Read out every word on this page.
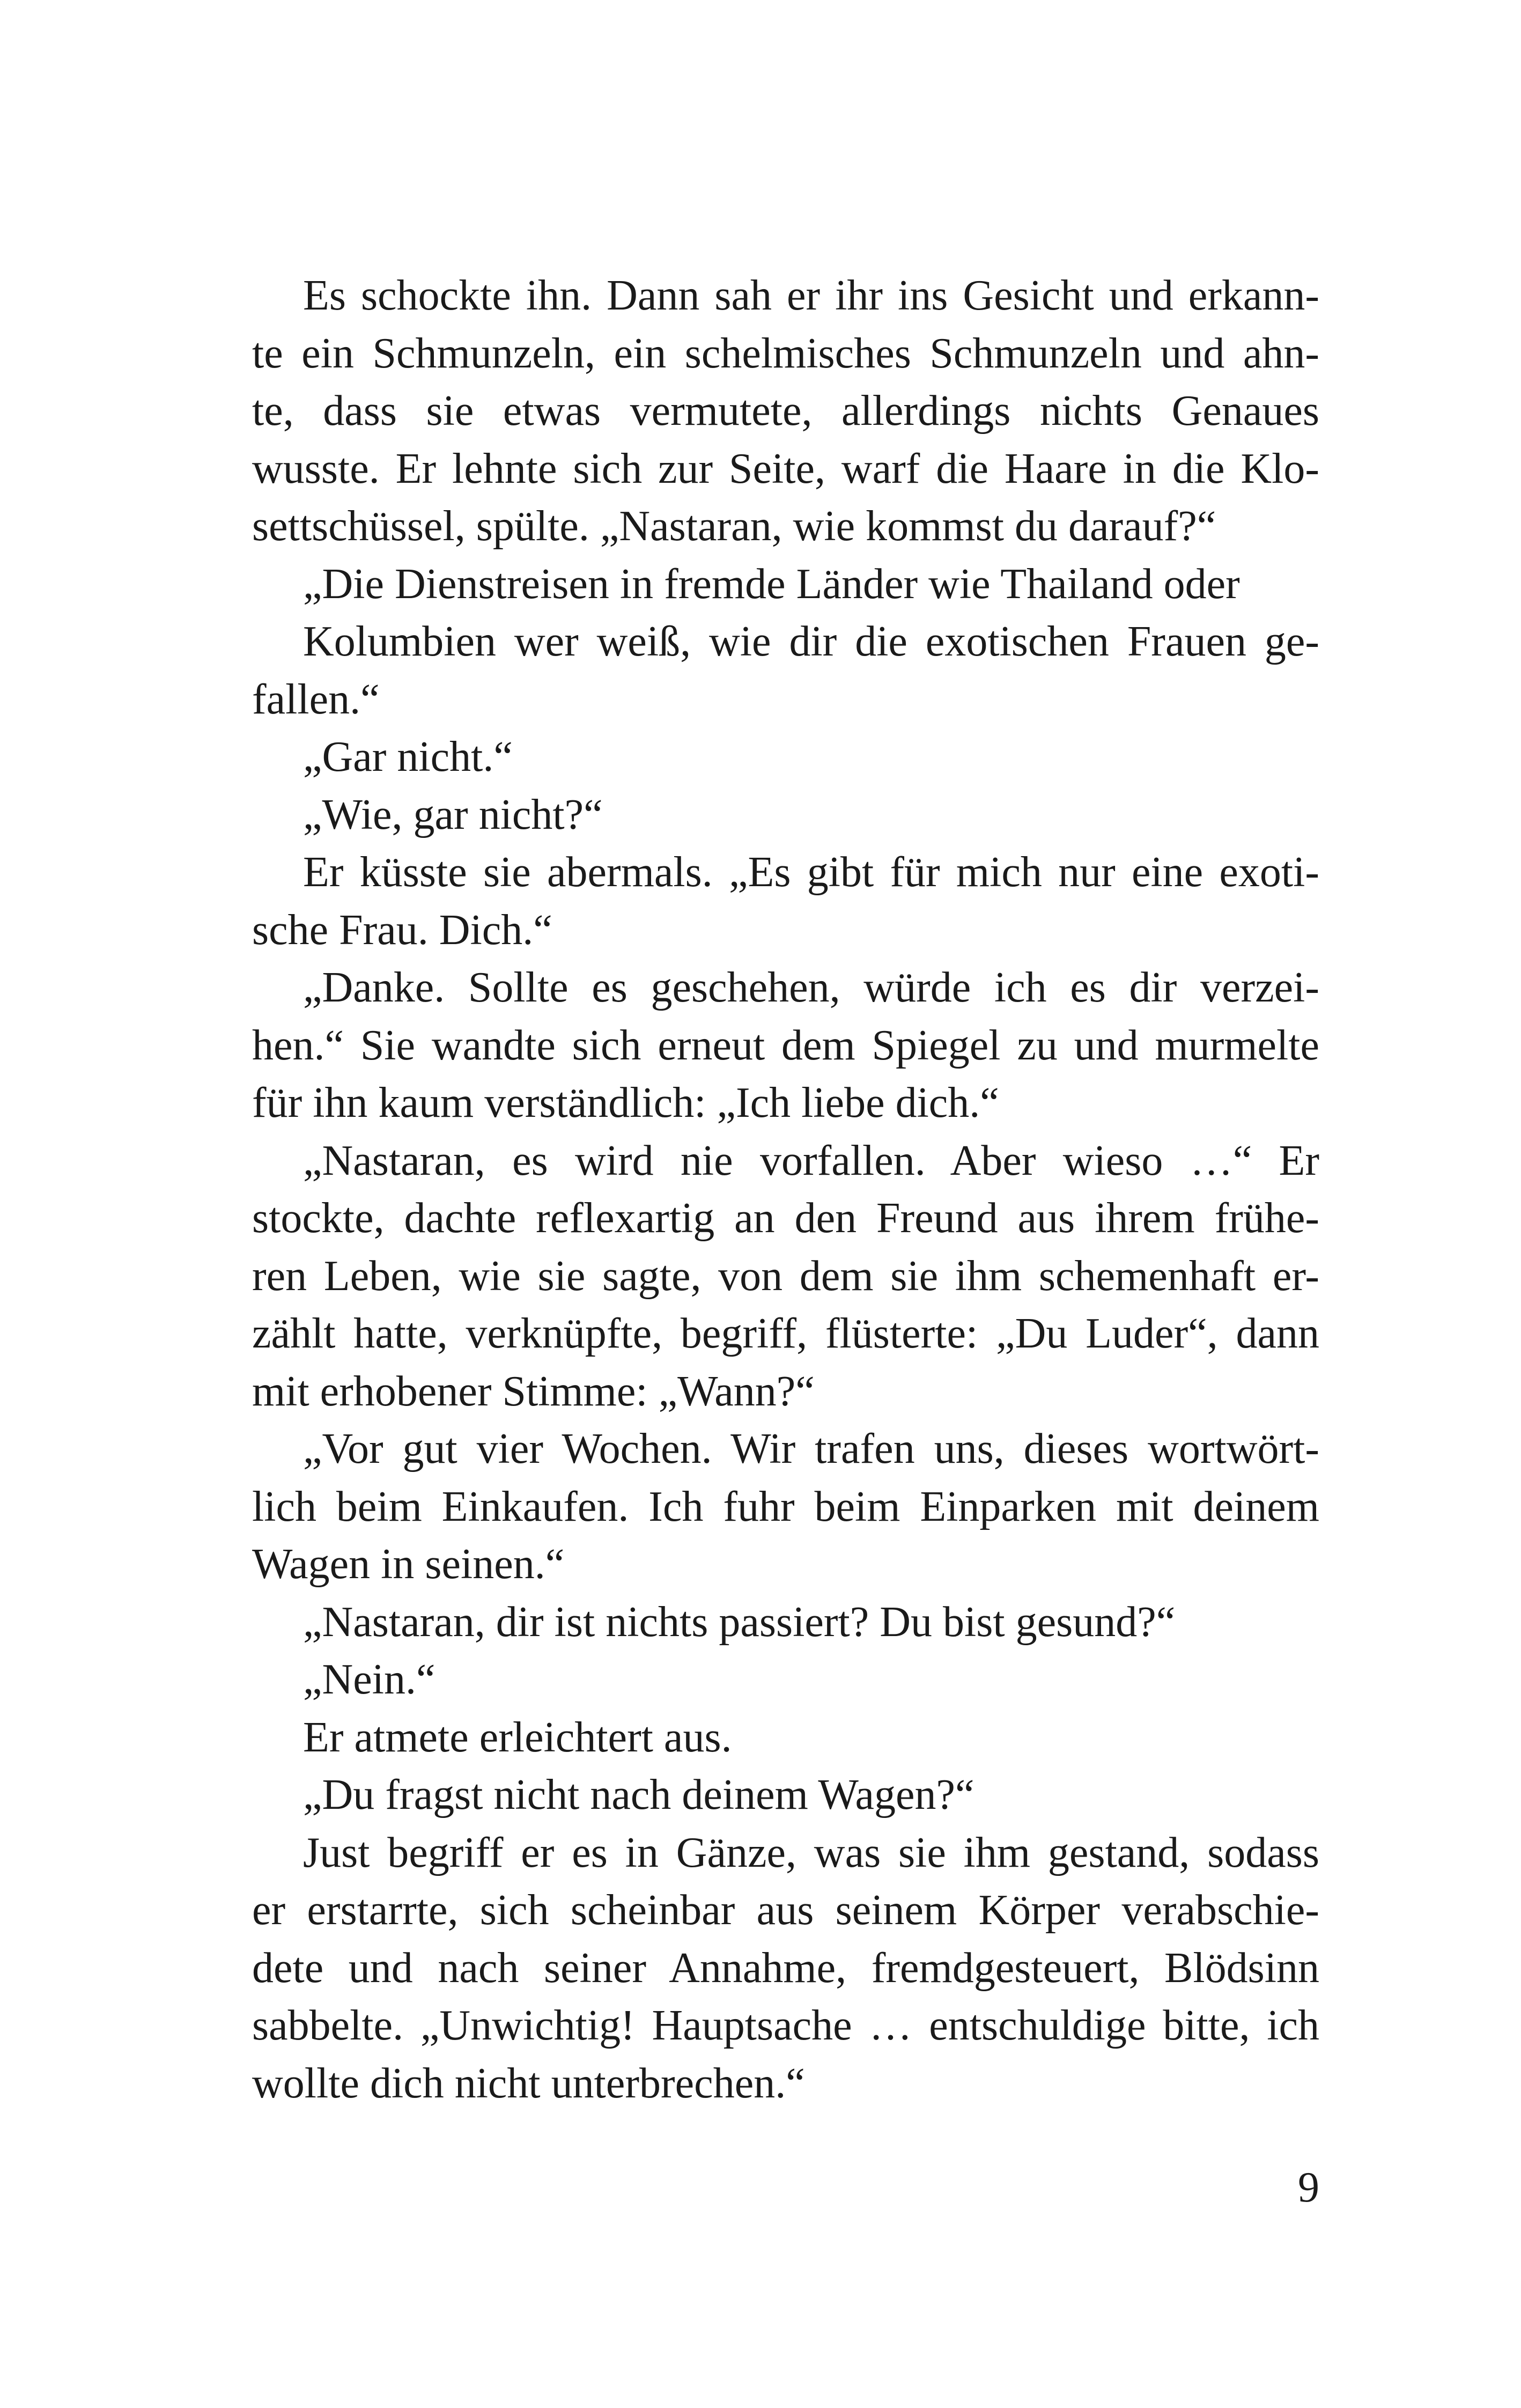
Es schockte ihn. Dann sah er ihr ins Gesicht und erkann-
te ein Schmunzeln, ein schelmisches Schmunzeln und ahn-
te, dass sie etwas vermutete, allerdings nichts Genaues
wusste. Er lehnte sich zur Seite, warf die Haare in die Klo-
settschüssel, spülte. „Nastaran, wie kommst du darauf?“
„Die Dienstreisen in fremde Länder wie Thailand oder
Kolumbien wer weiß, wie dir die exotischen Frauen ge-
fallen.“
„Gar nicht.“
„Wie, gar nicht?“
Er küsste sie abermals. „Es gibt für mich nur eine exoti-
sche Frau. Dich.“
„Danke. Sollte es geschehen, würde ich es dir verzei-
hen.“ Sie wandte sich erneut dem Spiegel zu und murmelte
für ihn kaum verständlich: „Ich liebe dich.“
„Nastaran, es wird nie vorfallen. Aber wieso …“ Er
stockte, dachte reflexartig an den Freund aus ihrem frühe-
ren Leben, wie sie sagte, von dem sie ihm schemenhaft er-
zählt hatte, verknüpfte, begriff, flüsterte: „Du Luder“, dann
mit erhobener Stimme: „Wann?“
„Vor gut vier Wochen. Wir trafen uns, dieses wortwört-
lich beim Einkaufen. Ich fuhr beim Einparken mit deinem
Wagen in seinen.“
„Nastaran, dir ist nichts passiert? Du bist gesund?“
„Nein.“
Er atmete erleichtert aus.
„Du fragst nicht nach deinem Wagen?“
Just begriff er es in Gänze, was sie ihm gestand, sodass
er erstarrte, sich scheinbar aus seinem Körper verabschie-
dete und nach seiner Annahme, fremdgesteuert, Blödsinn
sabbelte. „Unwichtig! Hauptsache … entschuldige bitte, ich
wollte dich nicht unterbrechen.“
9
